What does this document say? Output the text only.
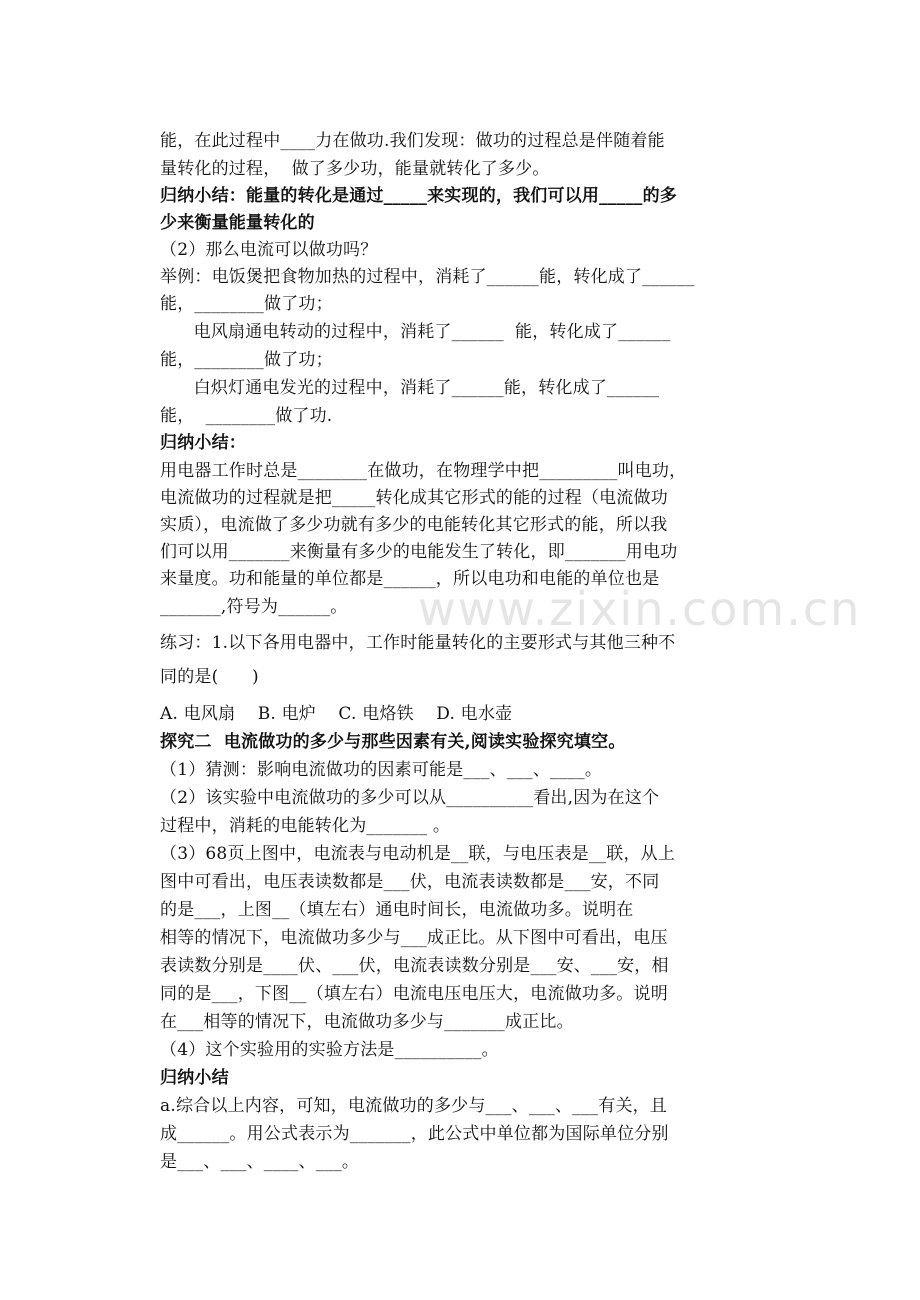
能，在此过程中____力在做功.我们发现：做功的过程总是伴随着能
量转化的过程，  做了多少功，能量就转化了多少。
归纳小结：能量的转化是通过_____来实现的，我们可以用_____的多
少来衡量能量转化的
（2）那么电流可以做功吗？
举例：电饭煲把食物加热的过程中，消耗了______能，转化成了______
能，________做了功；
电风扇通电转动的过程中，消耗了______  能，转化成了______
能，________做了功；
白炽灯通电发光的过程中，消耗了______能，转化成了______
能，  ________做了功.
归纳小结：
用电器工作时总是________在做功，在物理学中把_________叫电功，
电流做功的过程就是把_____转化成其它形式的能的过程（电流做功
实质），电流做了多少功就有多少的电能转化其它形式的能，所以我
们可以用_______来衡量有多少的电能发生了转化，即_______用电功
来量度。功和能量的单位都是______，所以电功和电能的单位也是
_______,符号为______。
练习：1.以下各用电器中，工作时能量转化的主要形式与其他三种不
同的是(      )
A. 电风扇    B. 电炉    C. 电烙铁    D. 电水壶
探究二  电流做功的多少与那些因素有关,阅读实验探究填空。
（1）猜测：影响电流做功的因素可能是___、___、____。
（2）该实验中电流做功的多少可以从__________看出,因为在这个
过程中，消耗的电能转化为_______ 。
（3）68页上图中，电流表与电动机是__联，与电压表是__联，从上
图中可看出，电压表读数都是___伏，电流表读数都是___安，不同
的是___，上图__（填左右）通电时间长，电流做功多。说明在
相等的情况下，电流做功多少与___成正比。从下图中可看出，电压
表读数分别是____伏、___伏，电流表读数分别是___安、___安，相
同的是___，下图__（填左右）电流电压电压大，电流做功多。说明
在___相等的情况下，电流做功多少与_______成正比。
（4）这个实验用的实验方法是__________。
归纳小结
a.综合以上内容，可知，电流做功的多少与___、___、___有关，且
成______。用公式表示为_______，此公式中单位都为国际单位分别
是___、___、____、___。
www.zixin.com.cn
